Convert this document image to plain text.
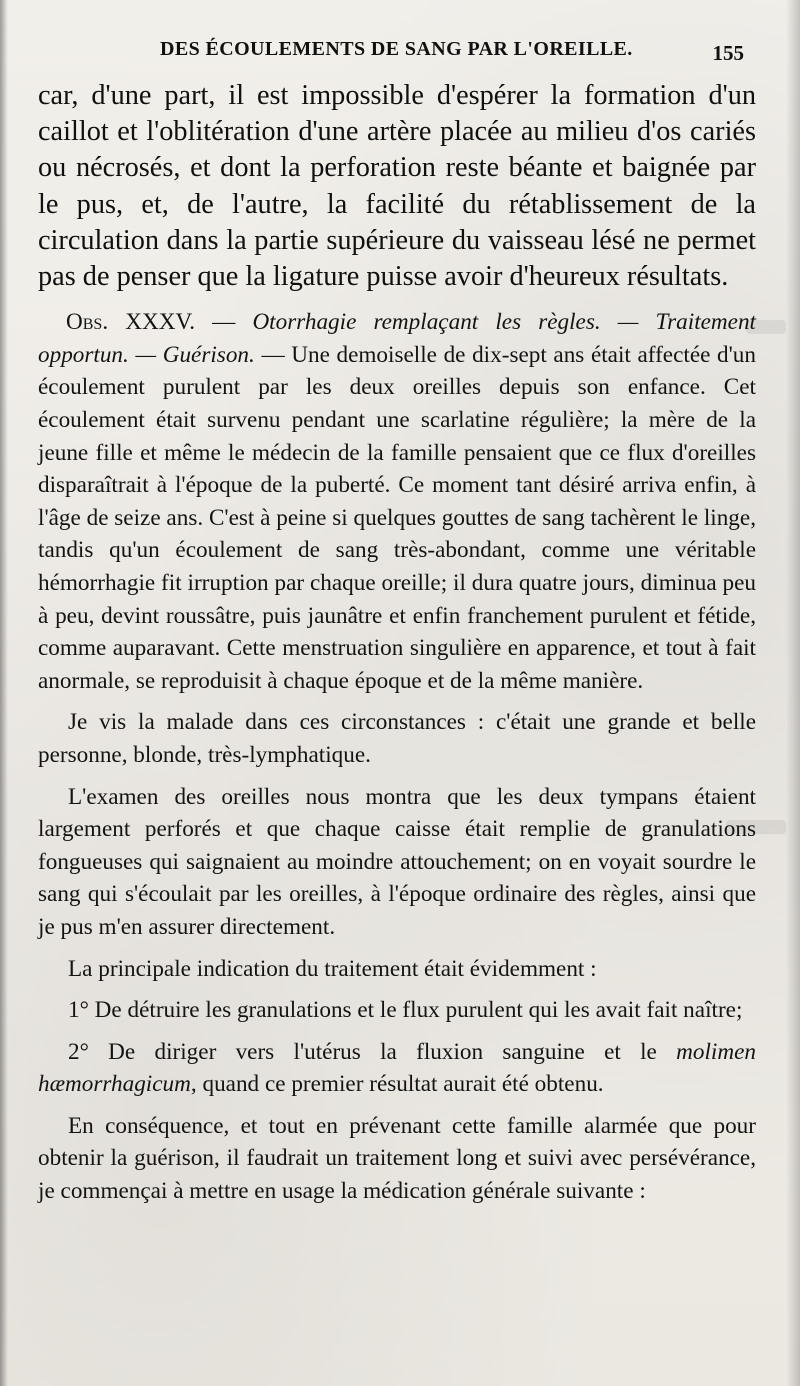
DES ÉCOULEMENTS DE SANG PAR L'OREILLE.	155

car, d'une part, il est impossible d'espérer la formation d'un caillot et l'oblitération d'une artère placée au milieu d'os cariés ou nécrosés, et dont la perforation reste béante et baignée par le pus, et, de l'autre, la facilité du rétablissement de la circulation dans la partie supérieure du vaisseau lésé ne permet pas de penser que la ligature puisse avoir d'heureux résultats.

Obs. XXXV. — Otorrhagie remplaçant les règles. — Traitement opportun. — Guérison. — Une demoiselle de dix-sept ans était affectée d'un écoulement purulent par les deux oreilles depuis son enfance. Cet écoulement était survenu pendant une scarlatine régulière; la mère de la jeune fille et même le médecin de la famille pensaient que ce flux d'oreilles disparaîtrait à l'époque de la puberté. Ce moment tant désiré arriva enfin, à l'âge de seize ans. C'est à peine si quelques gouttes de sang tachèrent le linge, tandis qu'un écoulement de sang très-abondant, comme une véritable hémorrhagie fit irruption par chaque oreille; il dura quatre jours, diminua peu à peu, devint roussâtre, puis jaunâtre et enfin franchement purulent et fétide, comme auparavant. Cette menstruation singulière en apparence, et tout à fait anormale, se reproduisit à chaque époque et de la même manière.

Je vis la malade dans ces circonstances : c'était une grande et belle personne, blonde, très-lymphatique.

L'examen des oreilles nous montra que les deux tympans étaient largement perforés et que chaque caisse était remplie de granulations fongueuses qui saignaient au moindre attouchement; on en voyait sourdre le sang qui s'écoulait par les oreilles, à l'époque ordinaire des règles, ainsi que je pus m'en assurer directement.

La principale indication du traitement était évidemment :

1° De détruire les granulations et le flux purulent qui les avait fait naître;

2° De diriger vers l'utérus la fluxion sanguine et le molimen hæmorrhagicum, quand ce premier résultat aurait été obtenu.

En conséquence, et tout en prévenant cette famille alarmée que pour obtenir la guérison, il faudrait un traitement long et suivi avec persévérance, je commençai à mettre en usage la médication générale suivante :
